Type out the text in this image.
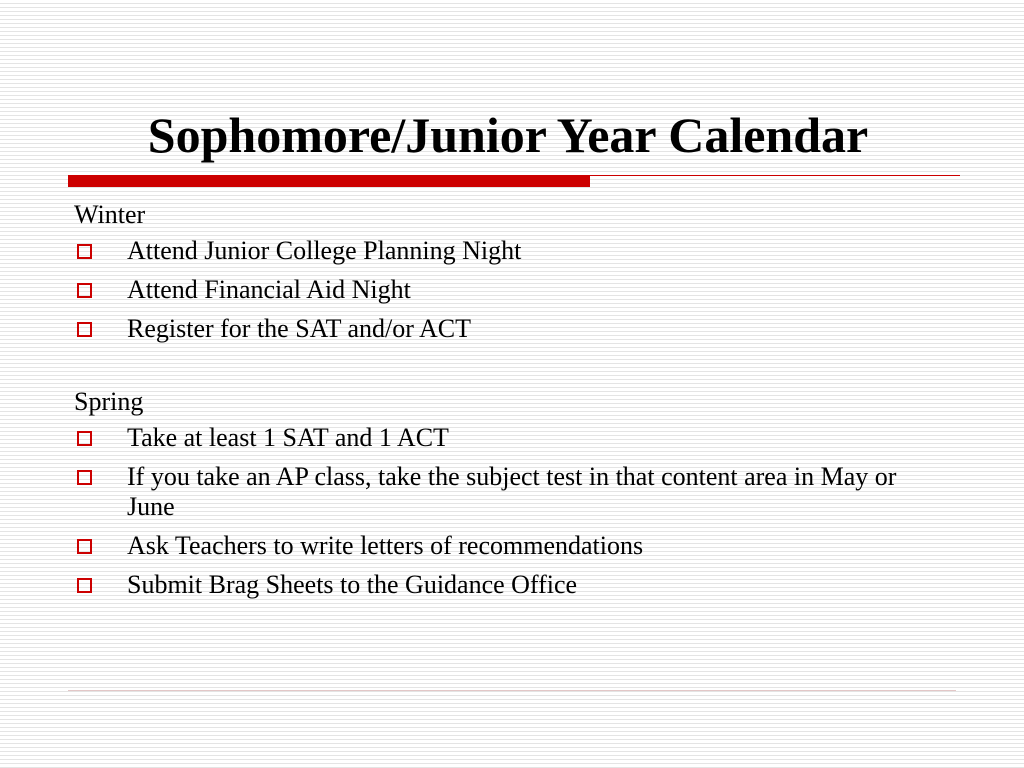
Sophomore/Junior Year Calendar
Winter
Attend Junior College Planning Night
Attend Financial Aid Night
Register for the SAT and/or ACT
Spring
Take at least 1 SAT and 1 ACT
If you take an AP class, take the subject test in that content area in May or June
Ask Teachers to write letters of recommendations
Submit Brag Sheets to the Guidance Office
